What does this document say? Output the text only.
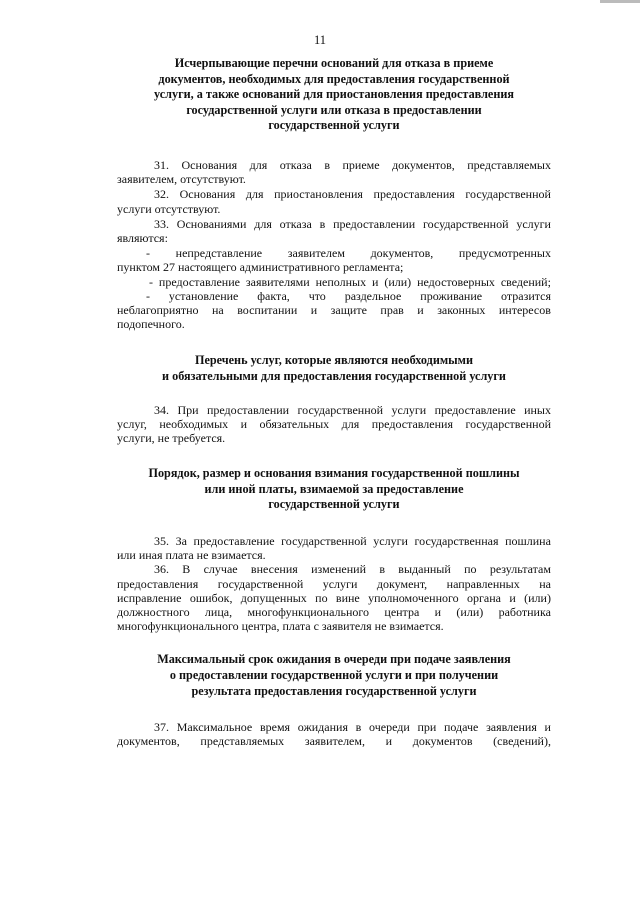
11
Исчерпывающие перечни оснований для отказа в приеме
документов, необходимых для предоставления государственной
услуги, а также оснований для приостановления предоставления
государственной услуги или отказа в предоставлении
государственной услуги
31. Основания для отказа в приеме документов, представляемых
заявителем, отсутствуют.
32. Основания для приостановления предоставления государственной
услуги отсутствуют.
33. Основаниями для отказа в предоставлении государственной услуги
являются:
- непредставление заявителем документов, предусмотренных
пунктом 27 настоящего административного регламента;
- предоставление заявителями неполных и (или) недостоверных сведений;
- установление факта, что раздельное проживание отразится
неблагоприятно на воспитании и защите прав и законных интересов
подопечного.
Перечень услуг, которые являются необходимыми
и обязательными для предоставления государственной услуги
34. При предоставлении государственной услуги предоставление иных
услуг, необходимых и обязательных для предоставления государственной
услуги, не требуется.
Порядок, размер и основания взимания государственной пошлины
или иной платы, взимаемой за предоставление
государственной услуги
35. За предоставление государственной услуги государственная пошлина
или иная плата не взимается.
36. В случае внесения изменений в выданный по результатам
предоставления государственной услуги документ, направленных на
исправление ошибок, допущенных по вине уполномоченного органа и (или)
должностного лица, многофункционального центра и (или) работника
многофункционального центра, плата с заявителя не взимается.
Максимальный срок ожидания в очереди при подаче заявления
о предоставлении государственной услуги и при получении
результата предоставления государственной услуги
37. Максимальное время ожидания в очереди при подаче заявления и
документов, представляемых заявителем, и документов (сведений),
